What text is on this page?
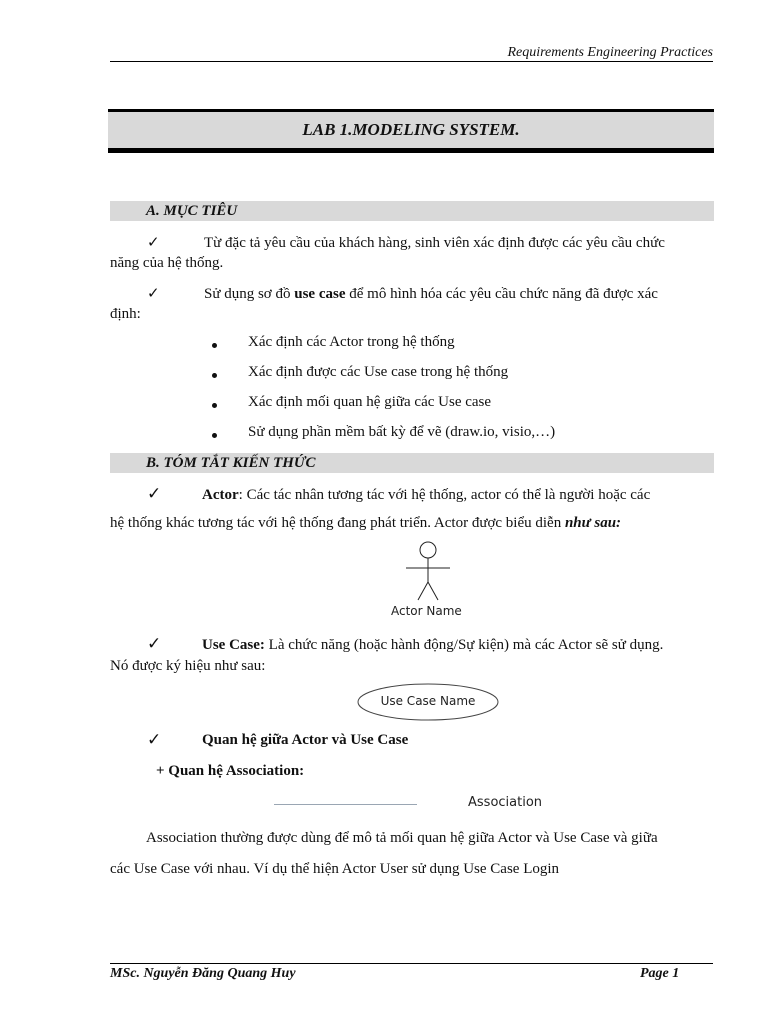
Requirements Engineering Practices
LAB 1.MODELING SYSTEM.
A. MỤC TIÊU
✓	Từ đặc tả yêu cầu của khách hàng, sinh viên xác định được các yêu cầu chức
năng của hệ thống.
✓	Sử dụng sơ đồ use case để mô hình hóa các yêu cầu chức năng đã được xác
định:
Xác định các Actor trong hệ thống
Xác định được các Use case trong hệ thống
Xác định mối quan hệ giữa các Use case
Sử dụng phần mềm bất kỳ để vẽ (draw.io, visio,…)
B. TÓM TẮT KIẾN THỨC
✓	Actor: Các tác nhân tương tác với hệ thống, actor có thể là người hoặc các
hệ thống khác tương tác với hệ thống đang phát triển. Actor được biểu diễn như sau:
Actor Name
✓	Use Case: Là chức năng (hoặc hành động/Sự kiện) mà các Actor sẽ sử dụng.
Nó được ký hiệu như sau:
Use Case Name
✓	Quan hệ giữa Actor và Use Case
+ Quan hệ Association:
Association
Association thường được dùng để mô tả mối quan hệ giữa Actor và Use Case và giữa
các Use Case với nhau. Ví dụ thể hiện Actor User sử dụng Use Case Login
MSc. Nguyễn Đăng Quang Huy	Page 1
